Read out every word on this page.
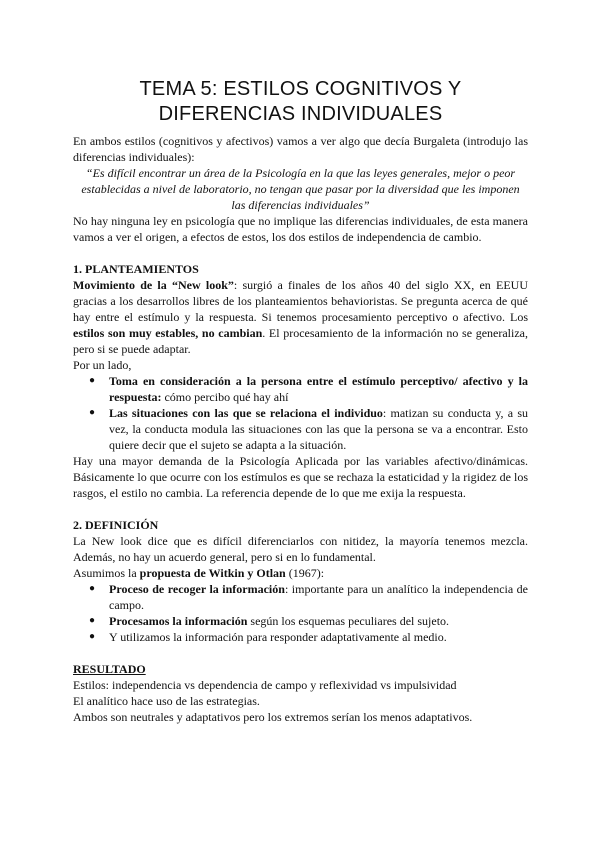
TEMA 5: ESTILOS COGNITIVOS Y
DIFERENCIAS INDIVIDUALES

En ambos estilos (cognitivos y afectivos) vamos a ver algo que decía Burgaleta (introdujo las diferencias individuales):

“Es difícil encontrar un área de la Psicología en la que las leyes generales, mejor o peor establecidas a nivel de laboratorio, no tengan que pasar por la diversidad que les imponen las diferencias individuales”

No hay ninguna ley en psicología que no implique las diferencias individuales, de esta manera vamos a ver el origen, a efectos de estos, los dos estilos de independencia de cambio.

1. PLANTEAMIENTOS

Movimiento de la “New look”: surgió a finales de los años 40 del siglo XX, en EEUU gracias a los desarrollos libres de los planteamientos behavioristas. Se pregunta acerca de qué hay entre el estímulo y la respuesta. Si tenemos procesamiento perceptivo o afectivo. Los estilos son muy estables, no cambian. El procesamiento de la información no se generaliza, pero si se puede adaptar.

Por un lado,

● Toma en consideración a la persona entre el estímulo perceptivo/ afectivo y la respuesta: cómo percibo qué hay ahí
● Las situaciones con las que se relaciona el individuo: matizan su conducta y, a su vez, la conducta modula las situaciones con las que la persona se va a encontrar. Esto quiere decir que el sujeto se adapta a la situación.

Hay una mayor demanda de la Psicología Aplicada por las variables afectivo/dinámicas. Básicamente lo que ocurre con los estímulos es que se rechaza la estaticidad y la rigidez de los rasgos, el estilo no cambia. La referencia depende de lo que me exija la respuesta.

2. DEFINICIÓN

La New look dice que es difícil diferenciarlos con nitidez, la mayoría tenemos mezcla. Además, no hay un acuerdo general, pero si en lo fundamental.

Asumimos la propuesta de Witkin y Otlan (1967):

● Proceso de recoger la información: importante para un analítico la independencia de campo.
● Procesamos la información según los esquemas peculiares del sujeto.
● Y utilizamos la información para responder adaptativamente al medio.
RESULTADO

Estilos: independencia vs dependencia de campo y reflexividad vs impulsividad

El analítico hace uso de las estrategias.

Ambos son neutrales y adaptativos pero los extremos serían los menos adaptativos.
